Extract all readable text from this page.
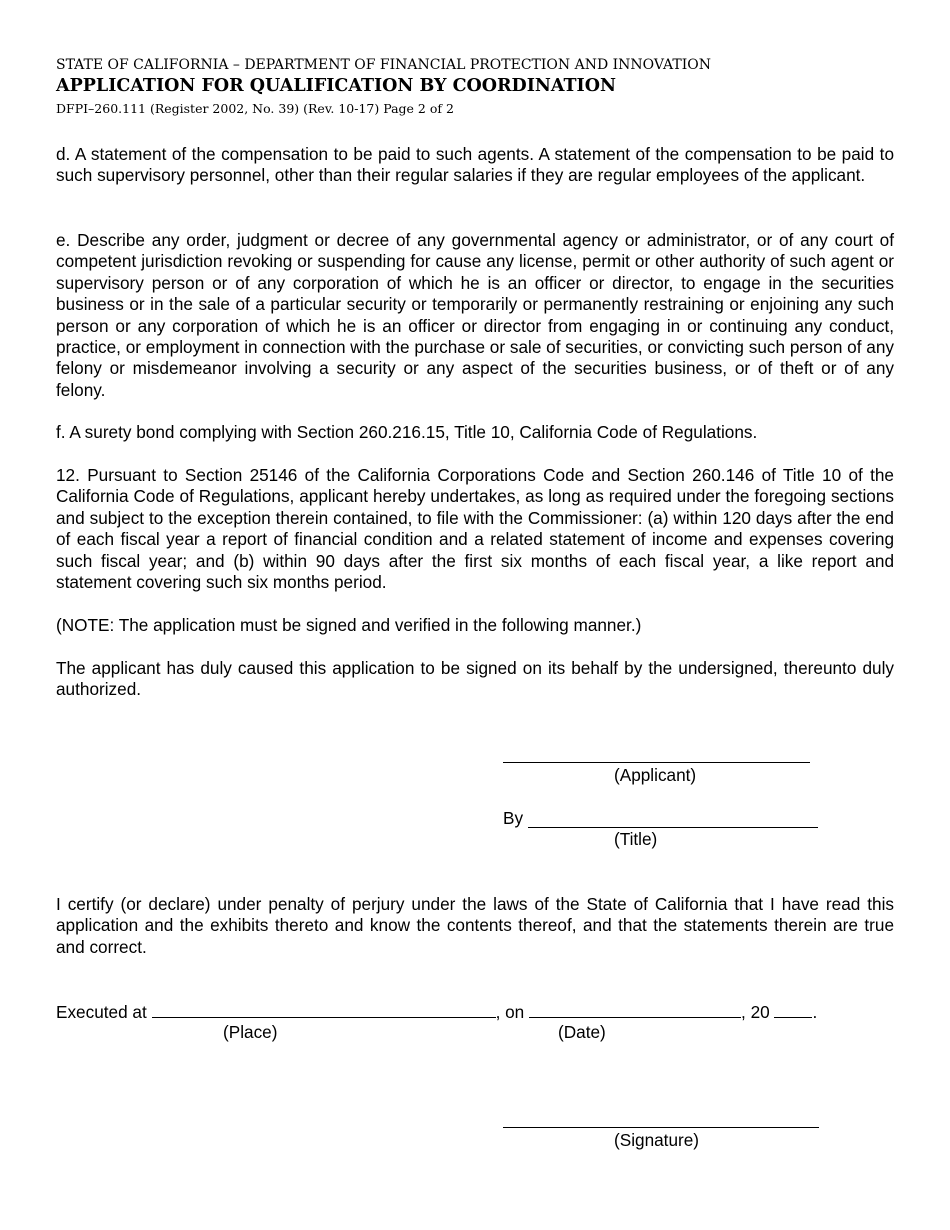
STATE OF CALIFORNIA – DEPARTMENT OF FINANCIAL PROTECTION AND INNOVATION
APPLICATION FOR QUALIFICATION BY COORDINATION
DFPI–260.111 (Register 2002, No. 39) (Rev. 10-17) Page 2 of 2

d. A statement of the compensation to be paid to such agents. A statement of the compensation to be paid to such supervisory personnel, other than their regular salaries if they are regular employees of the applicant.

e. Describe any order, judgment or decree of any governmental agency or administrator, or of any court of competent jurisdiction revoking or suspending for cause any license, permit or other authority of such agent or supervisory person or of any corporation of which he is an officer or director, to engage in the securities business or in the sale of a particular security or temporarily or permanently restraining or enjoining any such person or any corporation of which he is an officer or director from engaging in or continuing any conduct, practice, or employment in connection with the purchase or sale of securities, or convicting such person of any felony or misdemeanor involving a security or any aspect of the securities business, or of theft or of any felony.

f. A surety bond complying with Section 260.216.15, Title 10, California Code of Regulations.

12. Pursuant to Section 25146 of the California Corporations Code and Section 260.146 of Title 10 of the California Code of Regulations, applicant hereby undertakes, as long as required under the foregoing sections and subject to the exception therein contained, to file with the Commissioner: (a) within 120 days after the end of each fiscal year a report of financial condition and a related statement of income and expenses covering such fiscal year; and (b) within 90 days after the first six months of each fiscal year, a like report and statement covering such six months period.

(NOTE: The application must be signed and verified in the following manner.)

The applicant has duly caused this application to be signed on its behalf by the undersigned, thereunto duly authorized.

(Applicant)
By
(Title)

I certify (or declare) under penalty of perjury under the laws of the State of California that I have read this application and the exhibits thereto and know the contents thereof, and that the statements therein are true and correct.

Executed at	, on	, 20 .
(Place)	(Date)
(Signature)
